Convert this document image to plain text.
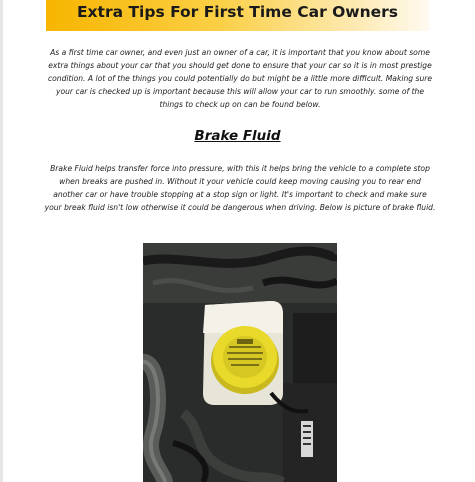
Extra Tips For First Time Car Owners

As a first time car owner, and even just an owner of a car, it is important that you know about some extra things about your car that you should get done to ensure that your car so it is in most prestige condition. A lot of the things you could potentially do but might be a little more difficult. Making sure your car is checked up is important because this will allow your car to run smoothly. some of the things to check up on can be found below.

Brake Fluid

Brake Fluid helps transfer force into pressure, with this it helps bring the vehicle to a complete stop when breaks are pushed in. Without it your vehicle could keep moving causing you to rear end another car or have trouble stopping at a stop sign or light. It's important to check and make sure your break fluid isn't low otherwise it could be dangerous when driving. Below is picture of brake fluid.
